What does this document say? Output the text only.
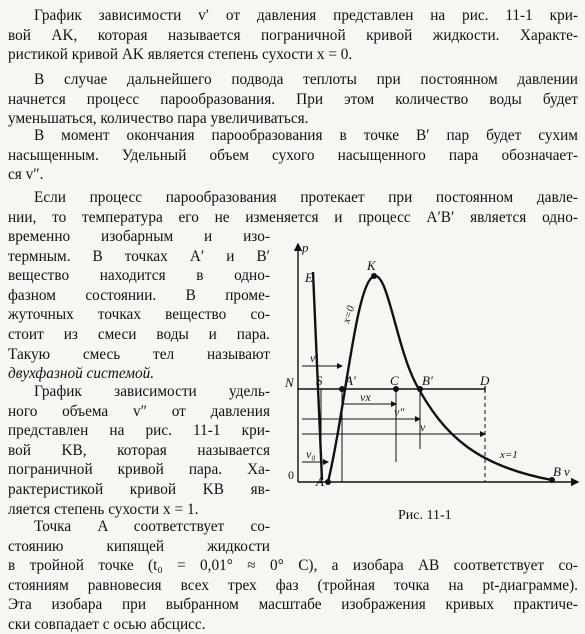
График зависимости v′ от давления представлен на рис. 11-1 кри-

вой AK, которая называется пограничной кривой жидкости. Характе-

ристикой кривой AK является степень сухости x = 0.

В случае дальнейшего подвода теплоты при постоянном давлении

начнется процесс парообразования. При этом количество воды будет

уменьшаться, количество пара увеличиваться.

В момент окончания парообразования в точке B′ пар будет сухим

насыщенным. Удельный объем сухого насыщенного пара обозначает-

ся v″.

Если процесс парообразования протекает при постоянном давле-

нии, то температура его не изменяется и процесс A′B′ является одно-

временно изобарным и изо-

термным. В точках A′ и B′

вещество находится в одно-

фазном состоянии. В проме-

жуточных точках вещество со-

стоит из смеси воды и пара.

Такую смесь тел называют

двухфазной системой.

График зависимости удель-

ного объема v″ от давления

представлен на рис. 11-1 кри-

вой KB, которая называется

пограничной кривой пара. Ха-

рактеристикой кривой KB яв-

ляется степень сухости x = 1.

Точка A соответствует со-

стоянию кипящей жидкости

в тройной точке (t₀ = 0,01° ≈ 0° C), а изобара AB соответствует со-

стояниям равновесия всех трех фаз (тройная точка на pt-диаграмме).

Эта изобара при выбранном масштабе изображения кривых практиче-

ски совпадает с осью абсцисс.

p
E
K
N S A′	C B′	D
0 A
B v
x=0
x=1
v′
vx
v″
v
v₀
Рис. 11-1
